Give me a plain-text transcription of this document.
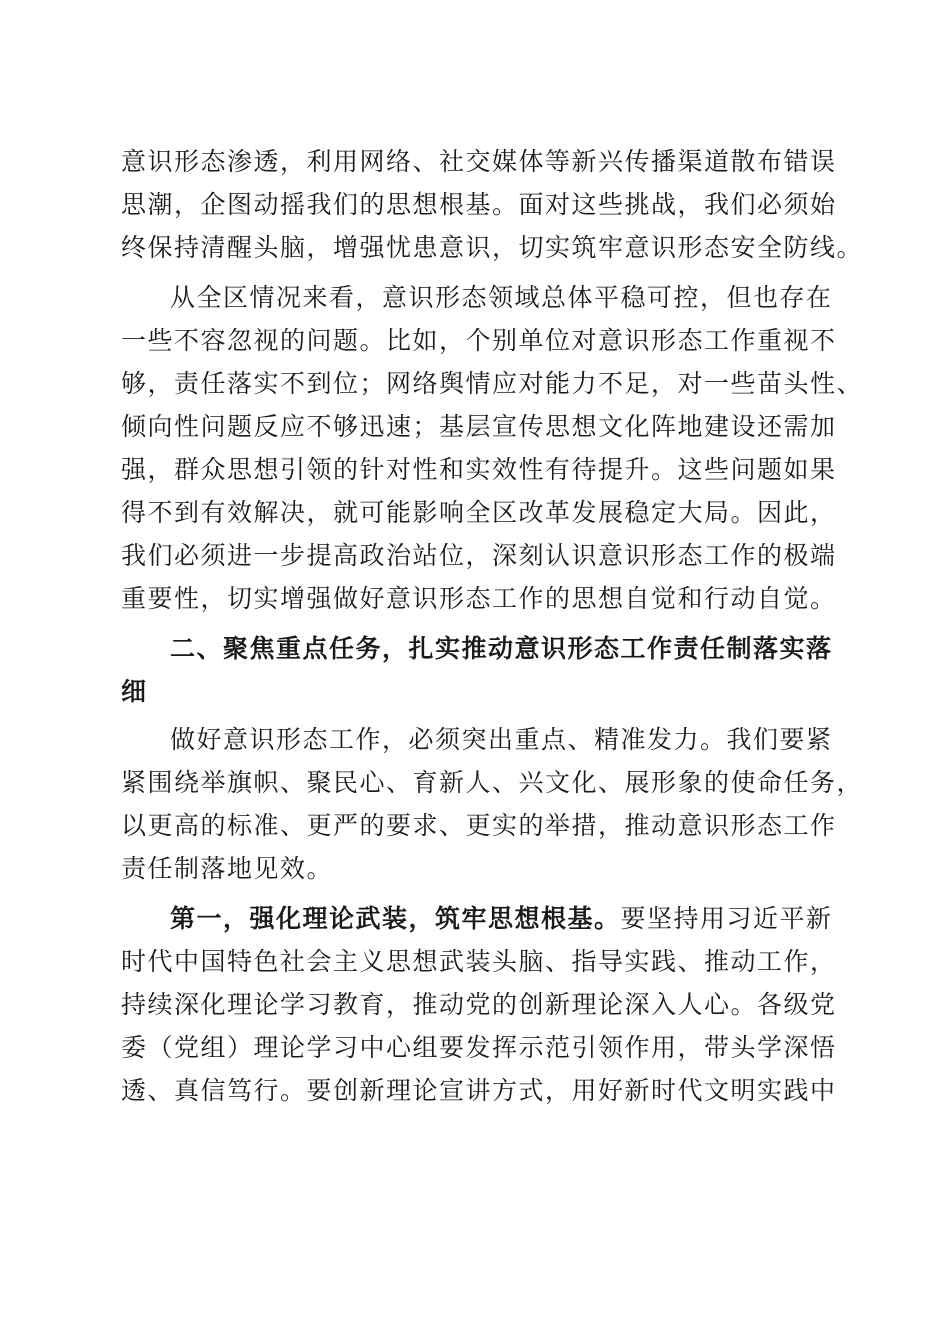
意识形态渗透，利用网络、社交媒体等新兴传播渠道散布错误
思潮，企图动摇我们的思想根基。面对这些挑战，我们必须始
终保持清醒头脑，增强忧患意识，切实筑牢意识形态安全防线。
从全区情况来看，意识形态领域总体平稳可控，但也存在
一些不容忽视的问题。比如，个别单位对意识形态工作重视不
够，责任落实不到位；网络舆情应对能力不足，对一些苗头性、
倾向性问题反应不够迅速；基层宣传思想文化阵地建设还需加
强，群众思想引领的针对性和实效性有待提升。这些问题如果
得不到有效解决，就可能影响全区改革发展稳定大局。因此，
我们必须进一步提高政治站位，深刻认识意识形态工作的极端
重要性，切实增强做好意识形态工作的思想自觉和行动自觉。
二、聚焦重点任务，扎实推动意识形态工作责任制落实落
细
做好意识形态工作，必须突出重点、精准发力。我们要紧
紧围绕举旗帜、聚民心、育新人、兴文化、展形象的使命任务，
以更高的标准、更严的要求、更实的举措，推动意识形态工作
责任制落地见效。
第一，强化理论武装，筑牢思想根基。要坚持用习近平新
时代中国特色社会主义思想武装头脑、指导实践、推动工作，
持续深化理论学习教育，推动党的创新理论深入人心。各级党
委（党组）理论学习中心组要发挥示范引领作用，带头学深悟
透、真信笃行。要创新理论宣讲方式，用好新时代文明实践中
